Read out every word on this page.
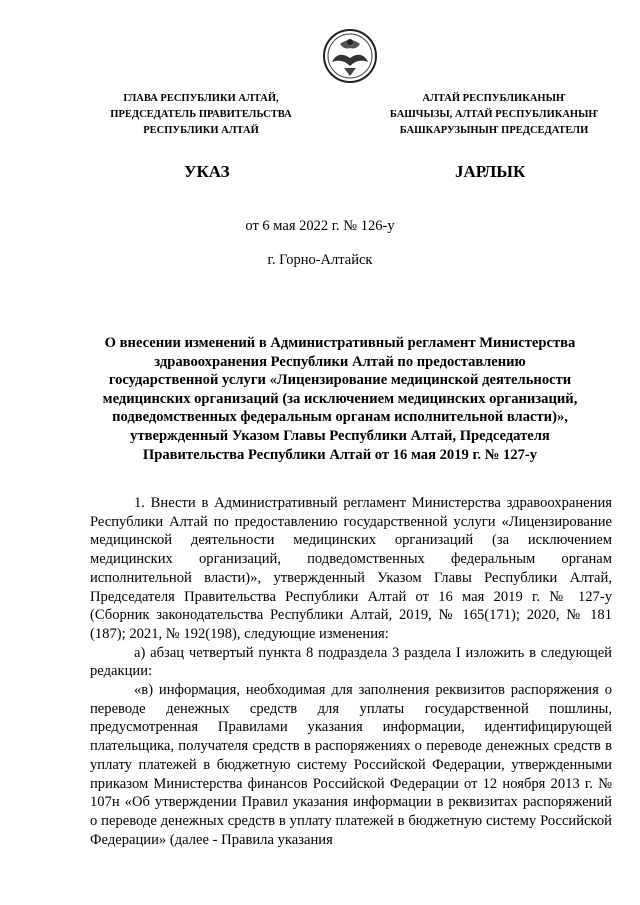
ГЛАВА РЕСПУБЛИКИ АЛТАЙ,
ПРЕДСЕДАТЕЛЬ ПРАВИТЕЛЬСТВА
РЕСПУБЛИКИ АЛТАЙ
АЛТАЙ РЕСПУБЛИКАНЫҤ
БАШЧЫЗЫ, АЛТАЙ РЕСПУБЛИКАНЫҤ
БАШКАРУЗЫНЫҤ ПРЕДСЕДАТЕЛИ
УКАЗ	JАРЛЫК
от 6 мая 2022 г. № 126-у
г. Горно-Алтайск
О внесении изменений в Административный регламент Министерства здравоохранения Республики Алтай по предоставлению государственной услуги «Лицензирование медицинской деятельности медицинских организаций (за исключением медицинских организаций, подведомственных федеральным органам исполнительной власти)», утвержденный Указом Главы Республики Алтай, Председателя Правительства Республики Алтай от 16 мая 2019 г. № 127-у

1. Внести в Административный регламент Министерства здравоохранения Республики Алтай по предоставлению государственной услуги «Лицензирование медицинской деятельности медицинских организаций (за исключением медицинских организаций, подведомственных федеральным органам исполнительной власти)», утвержденный Указом Главы Республики Алтай, Председателя Правительства Республики Алтай от 16 мая 2019 г. № 127-у (Сборник законодательства Республики Алтай, 2019, № 165(171); 2020, № 181 (187); 2021, № 192(198), следующие изменения:

а) абзац четвертый пункта 8 подраздела 3 раздела I изложить в следующей редакции:

«в) информация, необходимая для заполнения реквизитов распоряжения о переводе денежных средств для уплаты государственной пошлины, предусмотренная Правилами указания информации, идентифицирующей плательщика, получателя средств в распоряжениях о переводе денежных средств в уплату платежей в бюджетную систему Российской Федерации, утвержденными приказом Министерства финансов Российской Федерации от 12 ноября 2013 г. № 107н «Об утверждении Правил указания информации в реквизитах распоряжений о переводе денежных средств в уплату платежей в бюджетную систему Российской Федерации» (далее - Правила указания
